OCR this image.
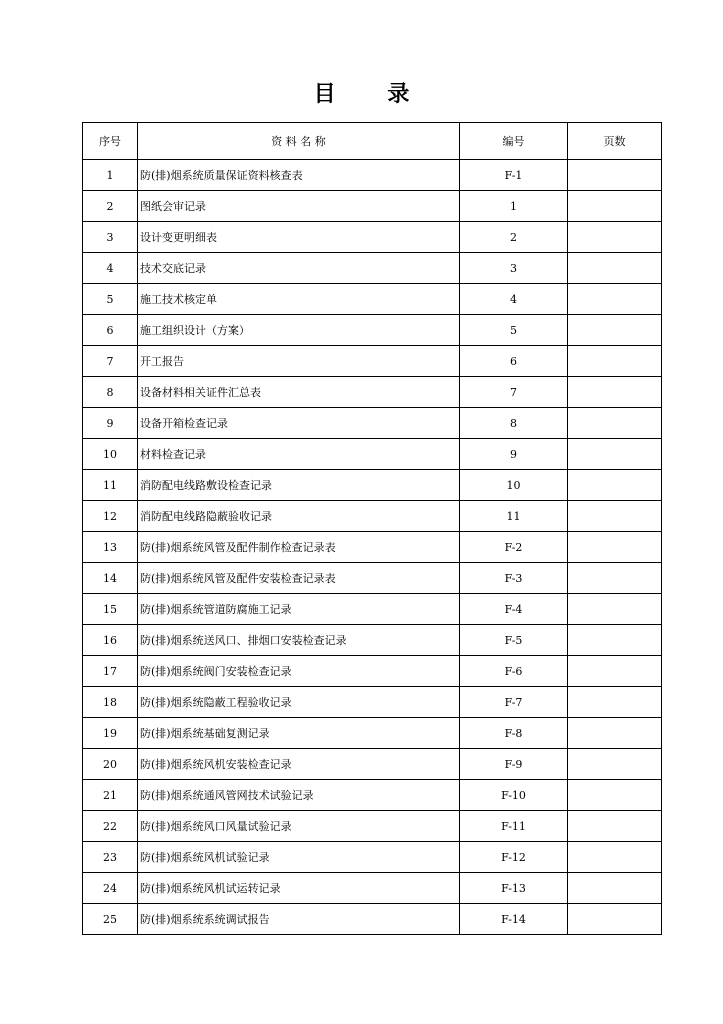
目 录
序号	资 料 名 称	编号	页数
1	防(排)烟系统质量保证资料核查表	F-1	
2	图纸会审记录	1	
3	设计变更明细表	2	
4	技术交底记录	3	
5	施工技术核定单	4	
6	施工组织设计（方案）	5	
7	开工报告	6	
8	设备材料相关证件汇总表	7	
9	设备开箱检查记录	8	
10	材料检查记录	9	
11	消防配电线路敷设检查记录	10	
12	消防配电线路隐蔽验收记录	11	
13	防(排)烟系统风管及配件制作检查记录表	F-2	
14	防(排)烟系统风管及配件安装检查记录表	F-3	
15	防(排)烟系统管道防腐施工记录	F-4	
16	防(排)烟系统送风口、排烟口安装检查记录	F-5	
17	防(排)烟系统阀门安装检查记录	F-6	
18	防(排)烟系统隐蔽工程验收记录	F-7	
19	防(排)烟系统基础复测记录	F-8	
20	防(排)烟系统风机安装检查记录	F-9	
21	防(排)烟系统通风管网技术试验记录	F-10	
22	防(排)烟系统风口风量试验记录	F-11	
23	防(排)烟系统风机试验记录	F-12	
24	防(排)烟系统风机试运转记录	F-13	
25	防(排)烟系统系统调试报告	F-14	
